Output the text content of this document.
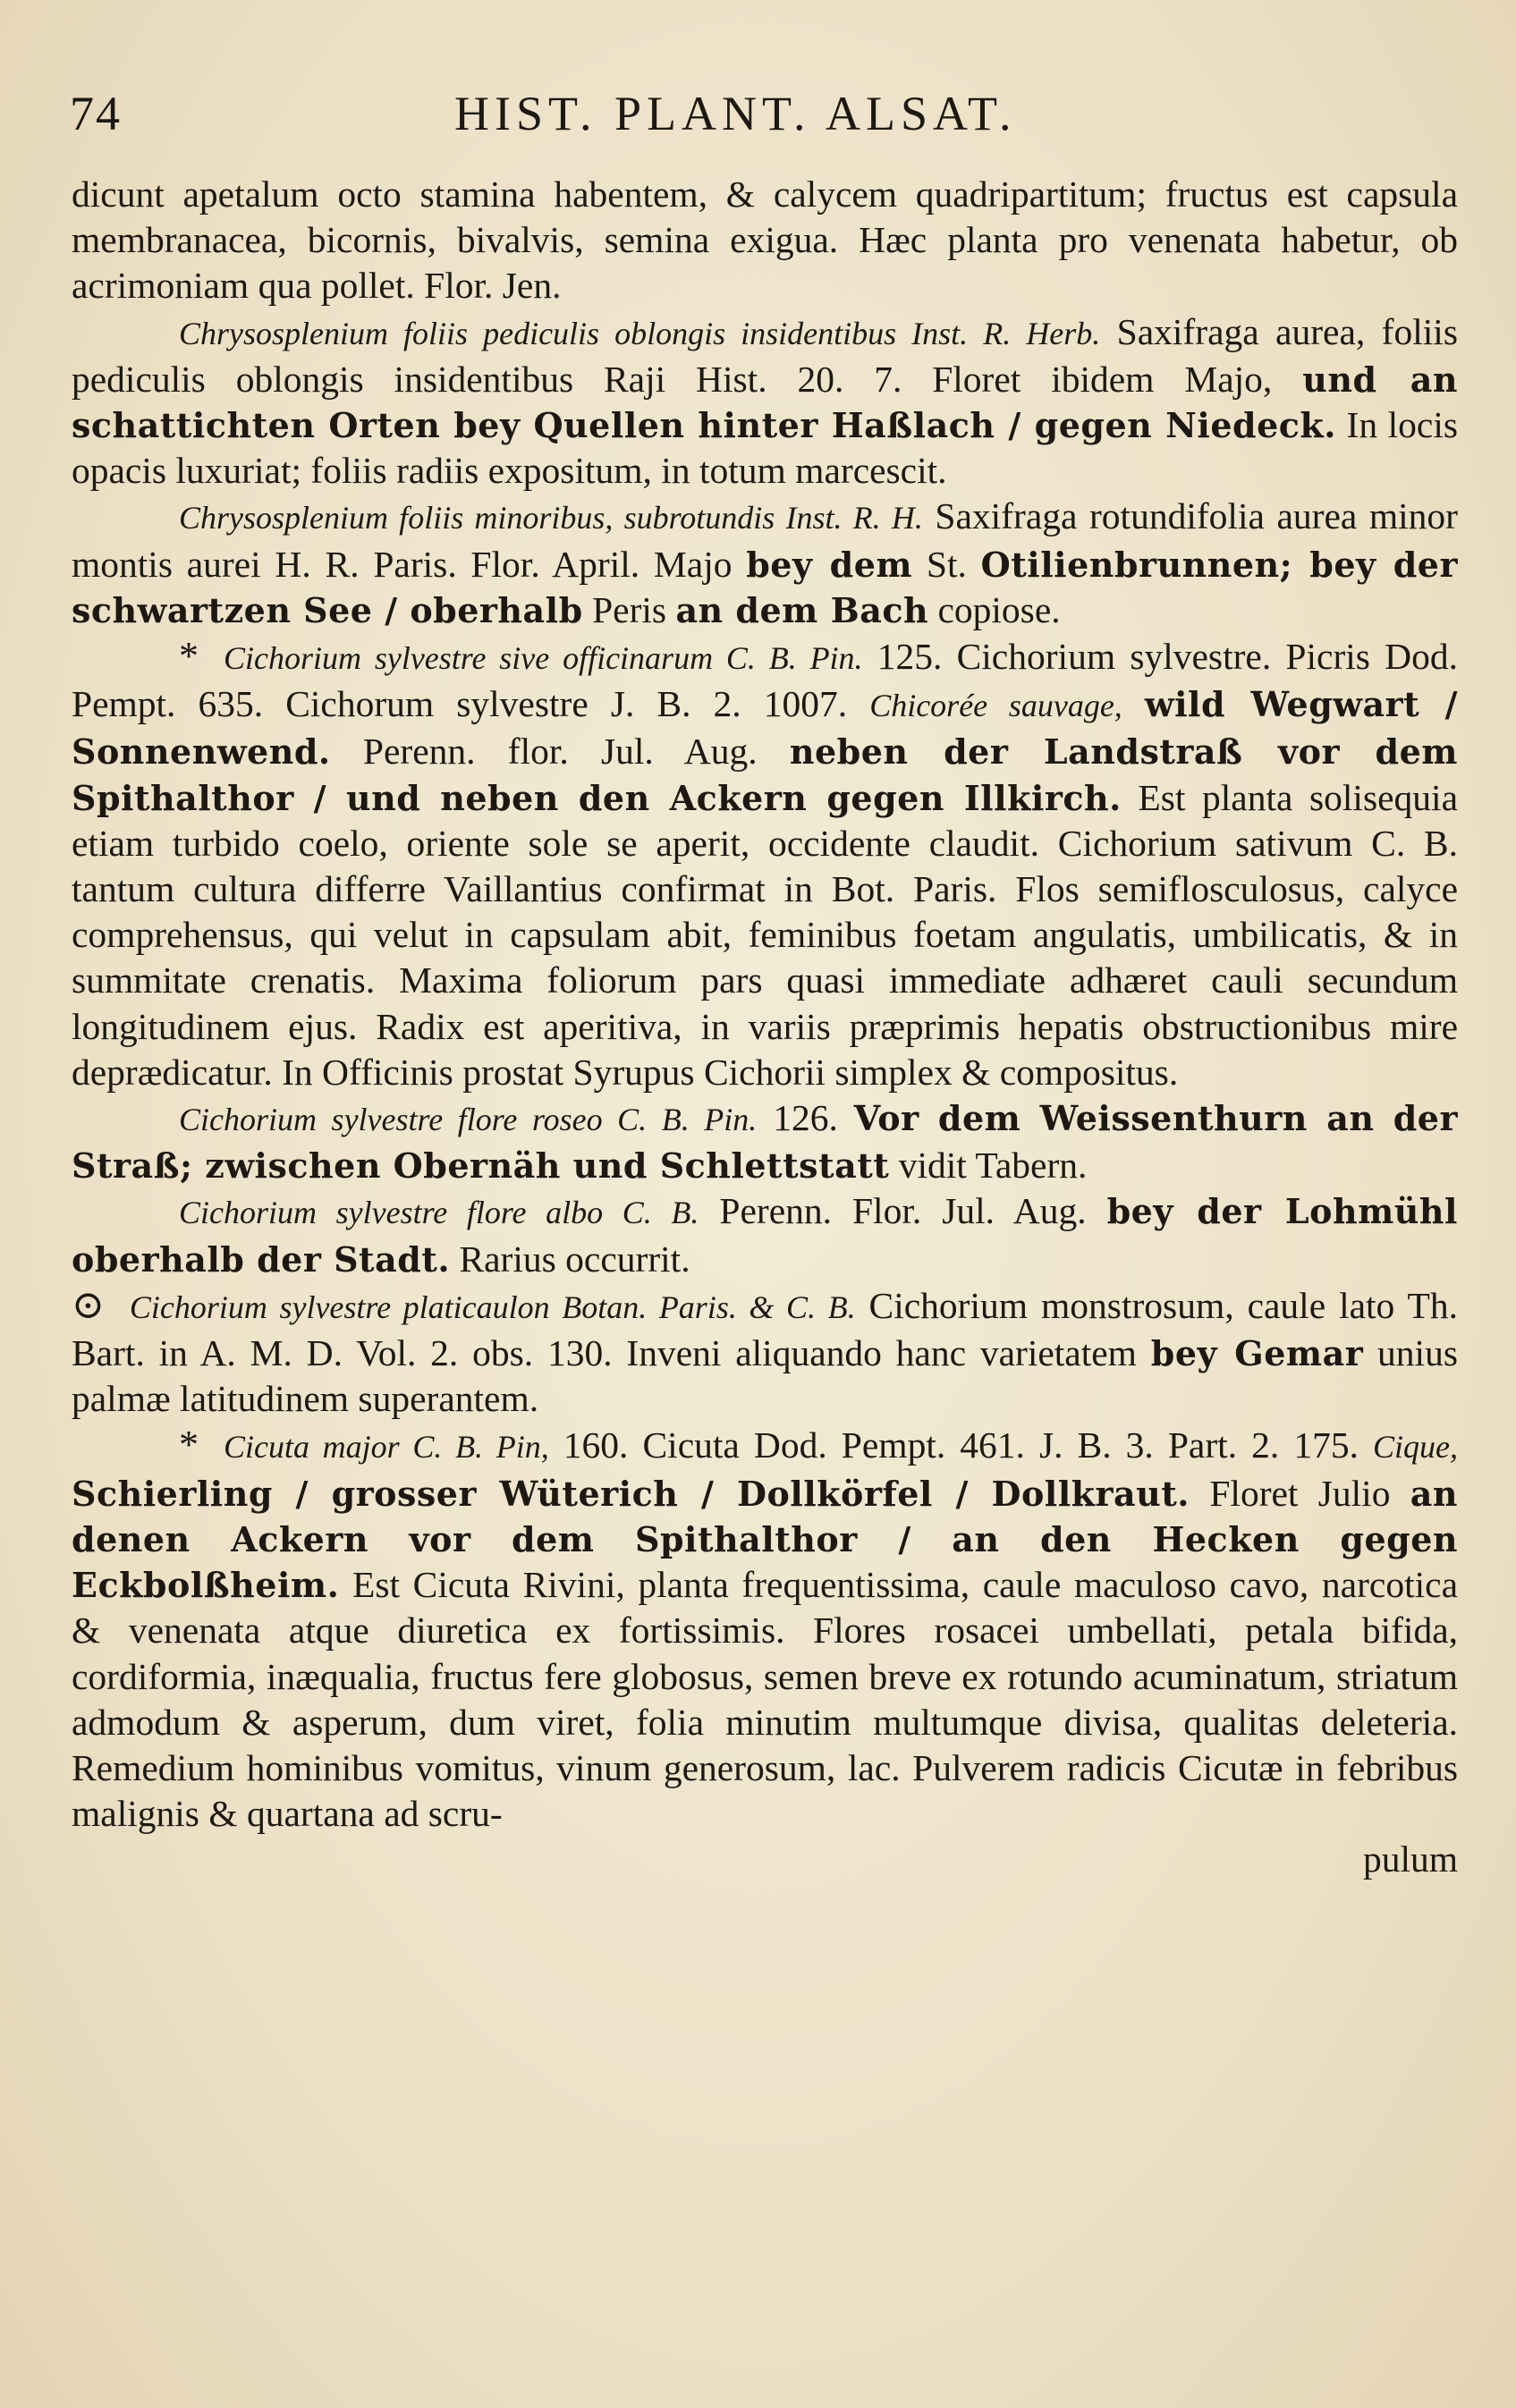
74	HIST. PLANT. ALSAT.

dicunt apetalum octo stamina habentem, & calycem quadripartitum; fructus est capsula membranacea, bicornis, bivalvis, semina exigua. Hæc planta pro venenata habetur, ob acrimoniam qua pollet. Flor. Jen.

Chrysosplenium foliis pediculis oblongis insidentibus Inst. R. Herb. Saxifraga aurea, foliis pediculis oblongis insidentibus Raji Hist. 20. 7. Floret ibidem Majo, und an schattichten Orten bey Quellen hinter Haßlach / gegen Niedeck. In locis opacis luxuriat; foliis radiis expositum, in totum marcescit.

Chrysosplenium foliis minoribus, subrotundis Inst. R. H. Saxifraga rotundifolia aurea minor montis aurei H. R. Paris. Flor. April. Majo bey dem St. Otilienbrunnen; bey der schwartzen See / oberhalb Peris an dem Bach copiose.

* Cichorium sylvestre sive officinarum C. B. Pin. 125. Cichorium sylvestre. Picris Dod. Pempt. 635. Cichorum sylvestre J. B. 2. 1007. Chicorée sauvage, wild Wegwart / Sonnenwend. Perenn. flor. Jul. Aug. neben der Landstraß vor dem Spithalthor / und neben den Ackern gegen Illkirch. Est planta solisequia etiam turbido coelo, oriente sole se aperit, occidente claudit. Cichorium sativum C. B. tantum cultura differre Vaillantius confirmat in Bot. Paris. Flos semiflosculosus, calyce comprehensus, qui velut in capsulam abit, feminibus foetam angulatis, umbilicatis, & in summitate crenatis. Maxima foliorum pars quasi immediate adhæret cauli secundum longitudinem ejus. Radix est aperitiva, in variis præprimis hepatis obstructionibus mire deprædicatur. In Officinis prostat Syrupus Cichorii simplex & compositus.

Cichorium sylvestre flore roseo C. B. Pin. 126. Vor dem Weissenthurn an der Straß; zwischen Obernäh und Schlettstatt vidit Tabern.

Cichorium sylvestre flore albo C. B. Perenn. Flor. Jul. Aug. bey der Lohmühl oberhalb der Stadt. Rarius occurrit.

⊙ Cichorium sylvestre platicaulon Botan. Paris. & C. B. Cichorium monstrosum, caule lato Th. Bart. in A. M. D. Vol. 2. obs. 130. Inveni aliquando hanc varietatem bey Gemar unius palmæ latitudinem superantem.

* Cicuta major C. B. Pin, 160. Cicuta Dod. Pempt. 461. J. B. 3. Part. 2. 175. Cique, Schierling / grosser Wüterich / Dollkörfel / Dollkraut. Floret Julio an denen Ackern vor dem Spithalthor / an den Hecken gegen Eckbolßheim. Est Cicuta Rivini, planta frequentissima, caule maculoso cavo, narcotica & venenata atque diuretica ex fortissimis. Flores rosacei umbellati, petala bifida, cordiformia, inæqualia, fructus fere globosus, semen breve ex rotundo acuminatum, striatum admodum & asperum, dum viret, folia minutim multumque divisa, qualitas deleteria. Remedium hominibus vomitus, vinum generosum, lac. Pulverem radicis Cicutæ in febribus malignis & quartana ad scru-

pulum
